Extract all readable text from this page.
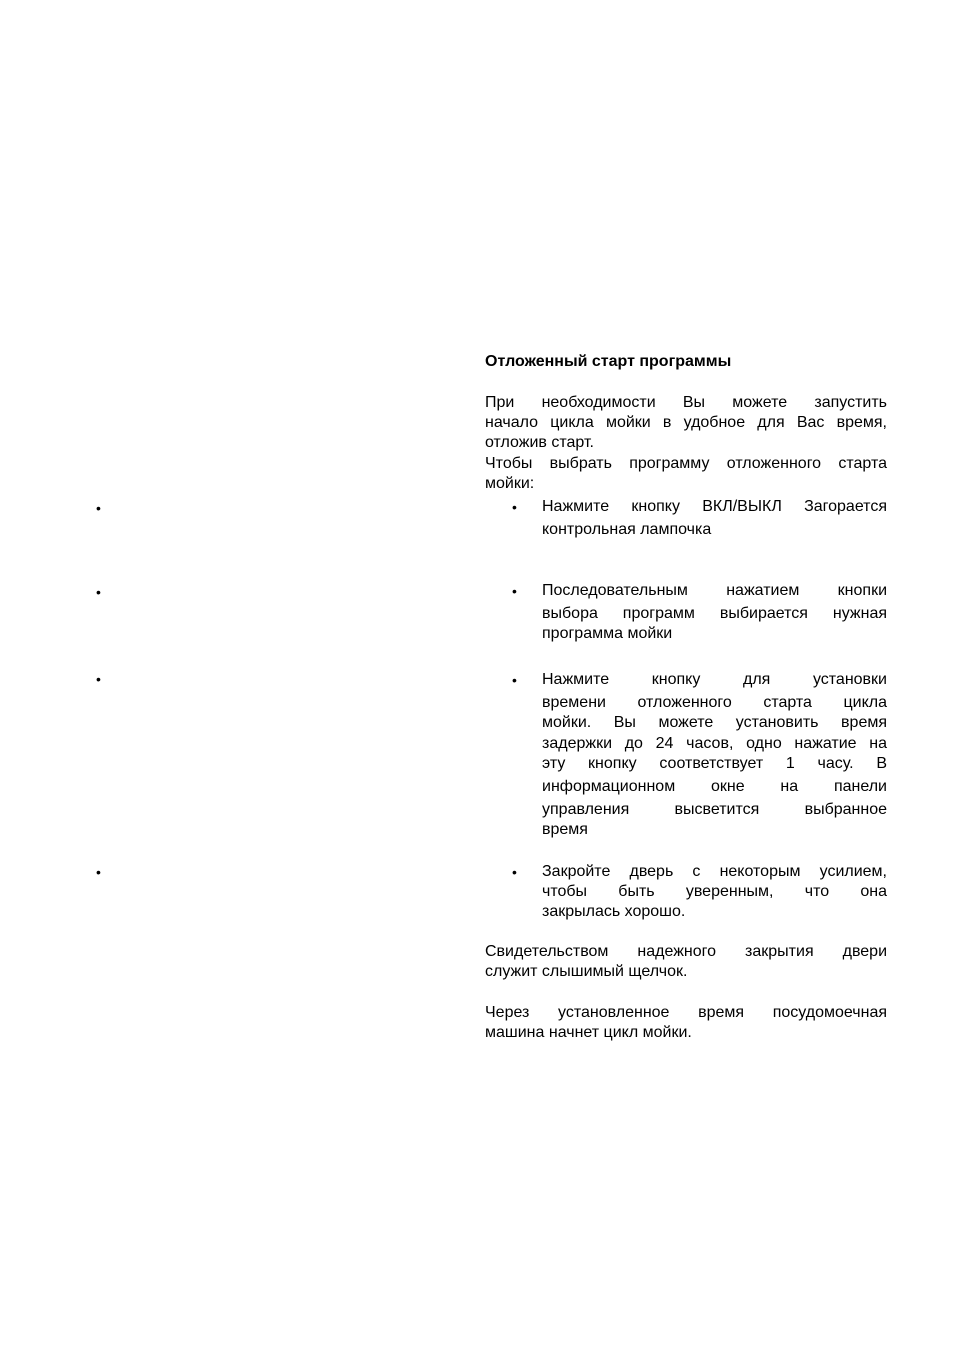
•
•
•
•
Отложенный старт программы
При необходимости Вы можете запустить
начало цикла мойки в удобное для Вас время,
отложив старт.
Чтобы выбрать программу отложенного старта
мойки:
• Нажмите кнопку ВКЛ/ВЫКЛ Загорается
контрольная лампочка
• Последовательным нажатием кнопки
выбора программ выбирается нужная
программа мойки
• Нажмите кнопку для установки
времени отложенного старта цикла
мойки. Вы можете установить время
задержки до 24 часов, одно нажатие на
эту кнопку соответствует 1 часу. В
информационном окне на панели
управления высветится выбранное
время
• Закройте дверь с некоторым усилием,
чтобы быть уверенным, что она
закрылась хорошо.
Свидетельством надежного закрытия двери
служит слышимый щелчок.
Через установленное время посудомоечная
машина начнет цикл мойки.
